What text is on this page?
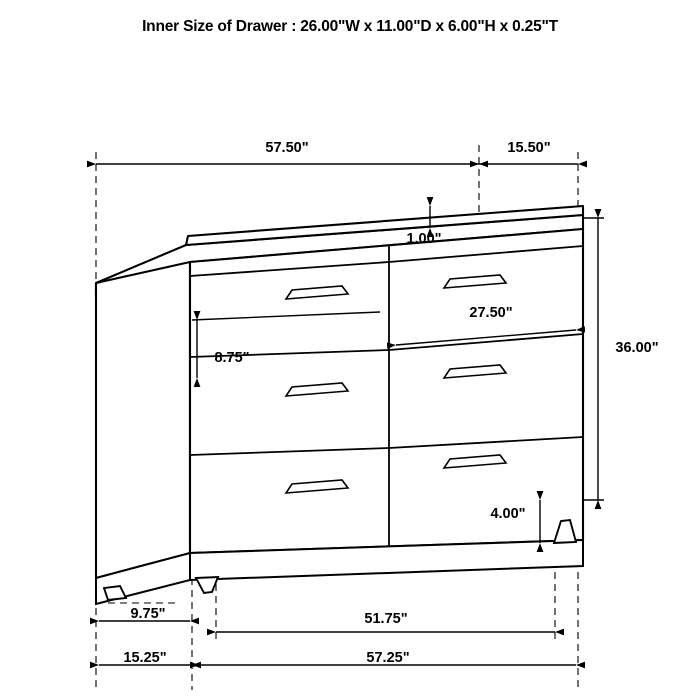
Inner Size of Drawer : 26.00"W x 11.00"D x 6.00"H x 0.25"T
57.50"	15.50"
1.00"
27.50"
8.75"
36.00"
4.00"
9.75"	51.75"
15.25"	57.25"
